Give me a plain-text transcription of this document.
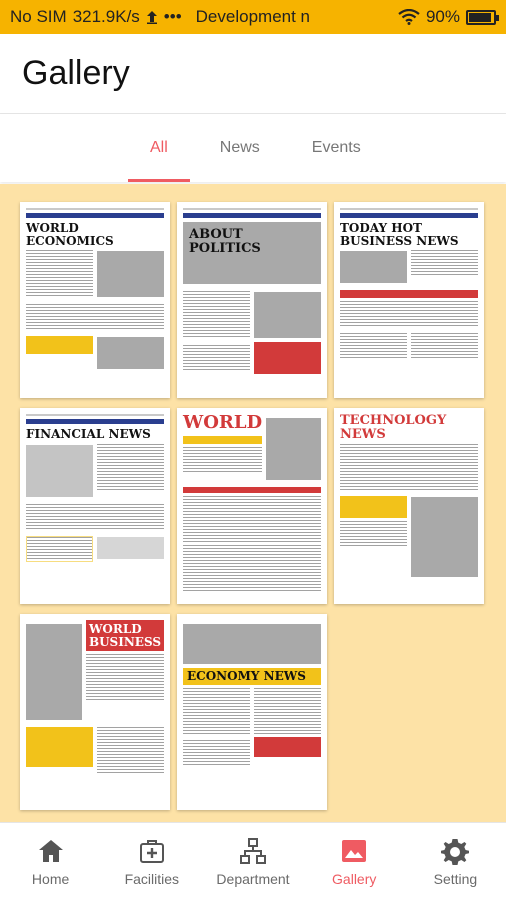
No SIM 321.9K/s ••• Development n	90%
Gallery
All	News	Events
WORLD ECONOMICS	ABOUT POLITICS
TODAY HOT BUSINESS NEWS
FINANCIAL NEWS
WORLD	TECHNOLOGY NEWS
WORLD BUSINESS
ECONOMY NEWS
Home	Facilities	Department	Gallery	Setting
